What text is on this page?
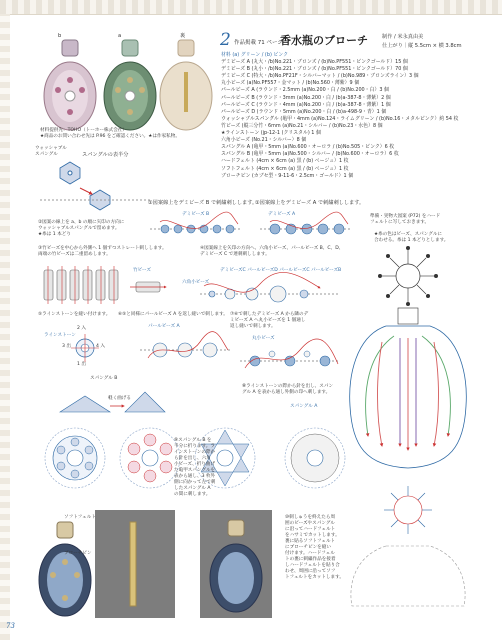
2 作品掲載 71 ページ
香水瓶のブローチ	制作 / 米永真由美
仕上がり｜縦 5.5cm × 横 3.8cm
b	a	裏
材料提供先：TOHO（トーホー株式会社）
★商品のお問い合わせ先は P.96 をご確認ください。★は作家私物。
材料 (a) グリーン / (b) ピンク
デミビーズ A (丸大・/b)No.221・ブロンズ / (b)No.PF551・ピンクゴールド）15 個
デミビーズ B (丸小・/b)No.221・ブロンズ / (b)No.PF551・ピンクゴールド）70 個
デミビーズ C (特大・/b)No.PF21F・シルバーマット / (b)No.989・ブロンズライン）3 個
丸小ビーズ (a)No.PF557・金マット / (b)No.560・薄紫）9 個
パールビーズ A (ラウンド・2.5mm (a)No.200・白 / (b)No.200・白）3 個
パールビーズ B (ラウンド・3mm (a)No.200・白 / (b)a-387-8・薄紫）2 個
パールビーズ C (ラウンド・4mm (a)No.200・白 / (b)a-387-8・薄紫）1 個
パールビーズ D (ラウンド・5mm (a)No.200・白 / (b)a-498-9・青）1 個
ウォッシャブルスパングル (亀甲・4mm (a)No.124・ライムグリーン / (b)No.16・メタルピンク）約 54 枚
竹ビーズ (縦三分竹・6mm (a)No.21・シルバー / (b)No.23・水色）8 個
★ラインストーン (jp-12-1 (クリスタル) 1 個
六角小ビーズ (No.21・シルバー）8 個
スパングル A (亀甲・5mm (a)No.600・オーロラ / (b)No.505・ピンク）6 枚
スパングル B (亀甲・5mm (a)No.500・シルバー / (b)No.600・オーロラ）6 枚
ハードフェルト (4cm × 6cm (a) 黒 / (b) ベージュ）1 枚
ソフトフェルト (4cm × 6cm (a) 黒 / (b) ベージュ）1 枚
ブローチピン (カブセ型・9-11-6・2.5cm・ゴールド）1 個
ウォッシャブル
スパングル	スパングルの表半分
①図案線上をデミビーズ B で刺繍刺しします。
①図案線上をデミビーズ A で刺繍刺しします。
デミビーズ B	デミビーズ A
②図案の線上を a、b の順に矢印の方向に
ウォッシャブルスパングルで留めます。
★糸は 1 本どり
③竹ビーズを中心から外側へ 1 個ずつストレート刺しします。
両端の竹ビーズは二重留めします。
竹ビーズ
④図案線上を矢印の方向へ、六角小ビーズ、パールビーズ B、C、D、
デミビーズ C で連刺刺しします。
デミビーズC パールビーズD パールビーズC パールビーズB
六角小ビーズ
⑤ラインストーンを縫い付けます。
ラインストーン
2 入
3 出	4 入
1 出
⑥⑤と同様にパールビーズ A を返し縫いで刺します。
パールビーズ A
⑦⑥で刺したデミビーズ A から隣のデ
ミビーズ A へ丸小ビーズを 1 個通し
返し縫いで刺します。
丸小ビーズ
スパングル B
軽く曲げる
⑧ラインストーンの際から針を出し、スパン
グル A を表から通し外側の印へ刺します。
スパングル A
⑨スパングル B を
半分に折ります。ラ
インストーンの際か
ら針を出し、六角
小ビーズ、折り曲げ
た亀甲スパングルを
表から通し、3 枚外
側に向かって左で刺
したスパングル A
の間に刺します。
ソフトフェルト
ブローチピン
⑩刺しゅうを終えたら周
囲のビーズやスパングル
に沿ってハードフェルト
をハサミでカットします。
裏に貼るソフトフェルト
にブローチピンを縫い
付けます。ハードフェル
トの裏に刺繍作品を接着
しハードフェルトを貼り合
わせ、周囲に沿ってソフ
トフェルトをカットします。
準備・実物大図案 (P72) をハード
フェルトに写しておきます。
★糸の色はビーズ、スパングルに
合わせる。糸は 1 本どりとします。
73
